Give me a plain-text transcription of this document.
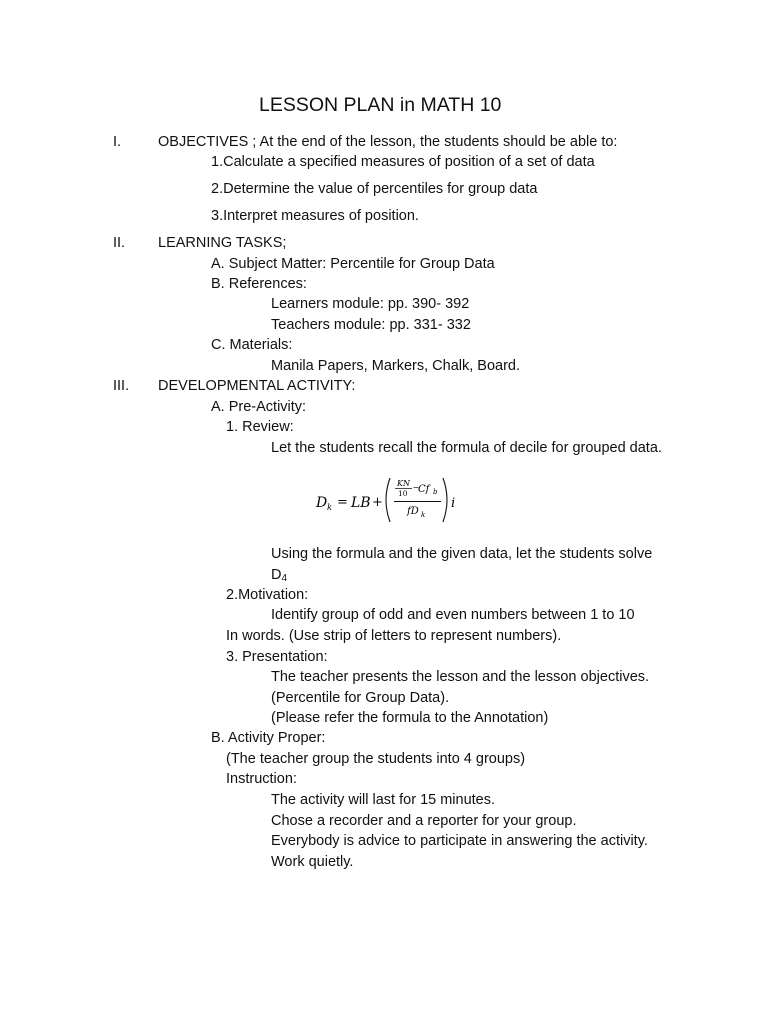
LESSON PLAN in MATH 10
I.	OBJECTIVES ; At the end of the lesson, the students should be able to:
1.Calculate a specified measures of position of a set of data
2.Determine the value of percentiles for group data
3.Interpret measures of position.
II. LEARNING TASKS;
A. Subject Matter: Percentile for Group Data
B. References:
Learners module: pp. 390- 392
Teachers module: pp. 331- 332
C. Materials:
Manila Papers, Markers, Chalk, Board.
III. DEVELOPMENTAL ACTIVITY:
A. Pre-Activity:
1. Review:
Let the students recall the formula of decile for grouped data.
D k = LB +
KN
10
−
Cf b
fD k
i
Using the formula and the given data, let the students solve
D4
2.Motivation:
Identify group of odd and even numbers between 1 to 10
In words. (Use strip of letters to represent numbers).
3. Presentation:
The teacher presents the lesson and the lesson objectives.
(Percentile for Group Data).
(Please refer the formula to the Annotation)
B. Activity Proper:
(The teacher group the students into 4 groups)
Instruction:
The activity will last for 15 minutes.
Chose a recorder and a reporter for your group.
Everybody is advice to participate in answering the activity.
Work quietly.
